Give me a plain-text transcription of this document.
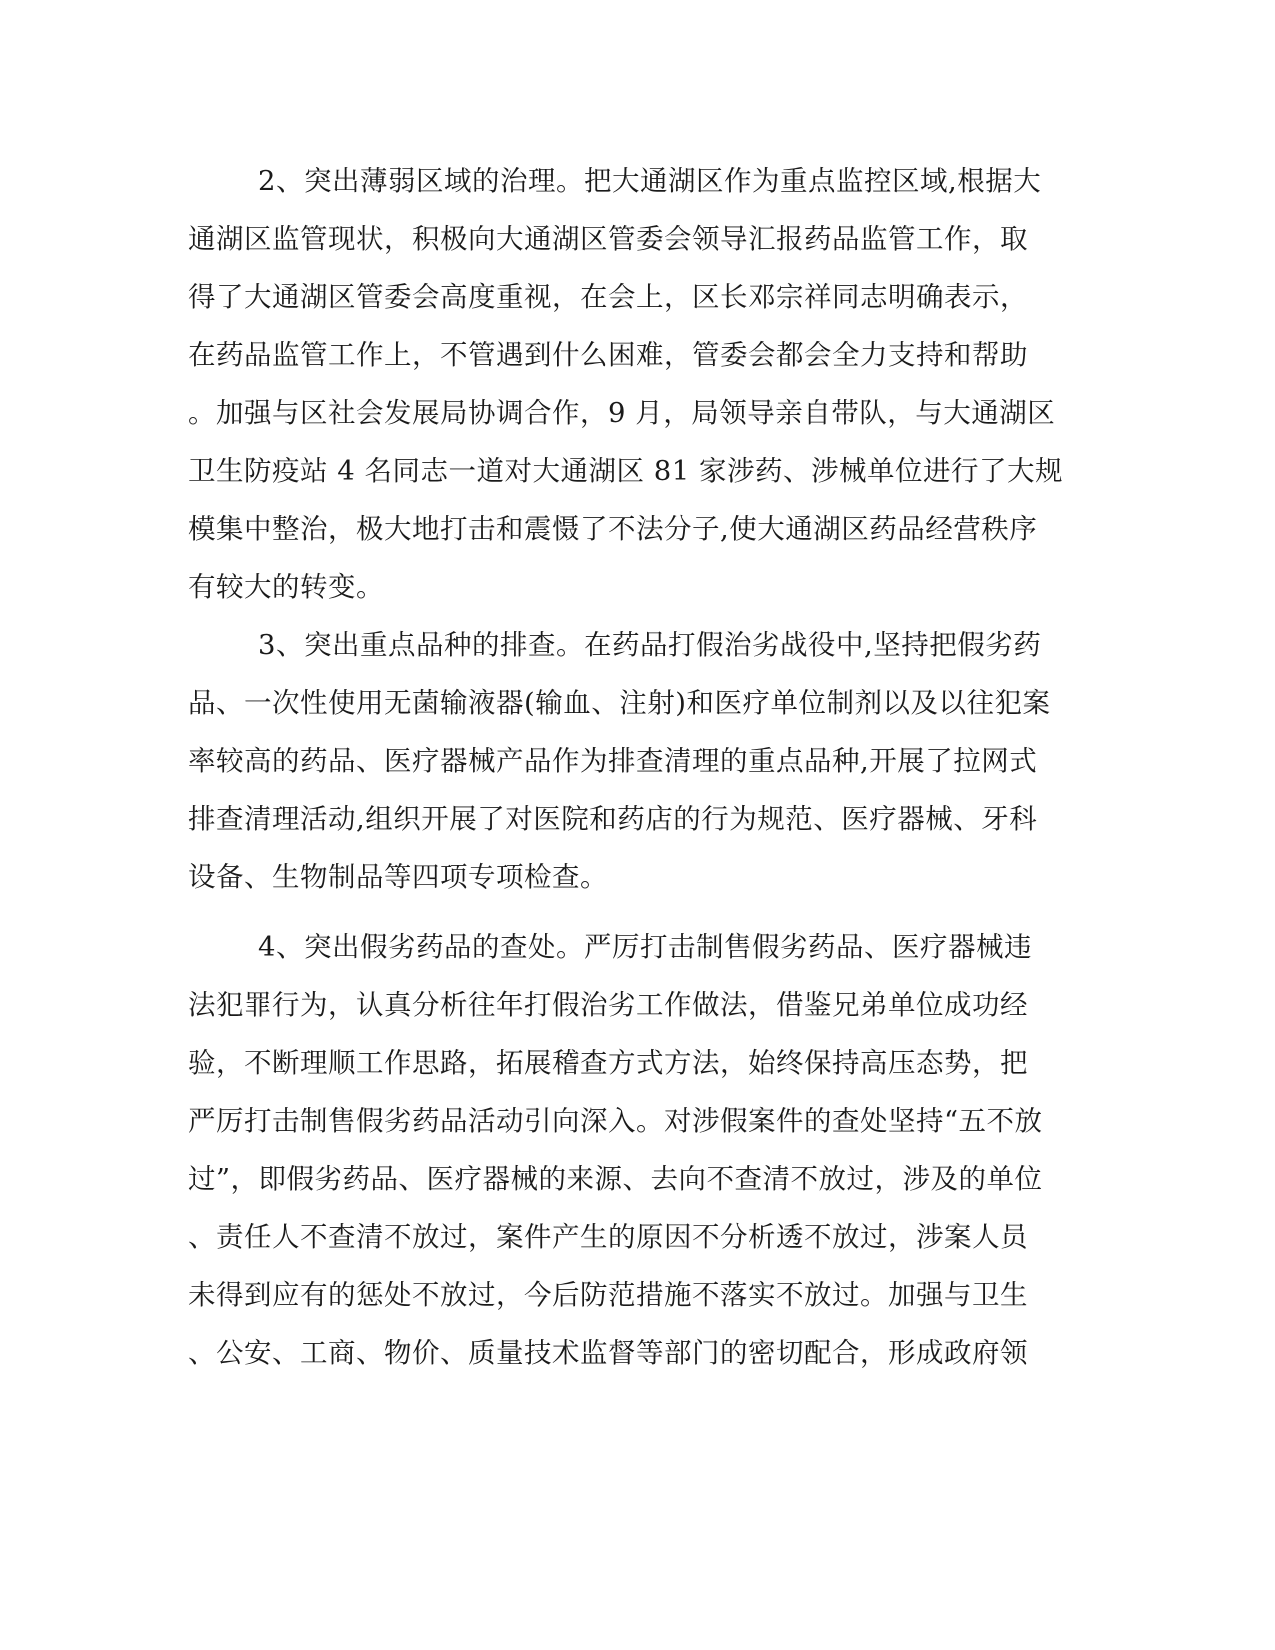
2、突出薄弱区域的治理。把大通湖区作为重点监控区域,根据大
通湖区监管现状，积极向大通湖区管委会领导汇报药品监管工作，取
得了大通湖区管委会高度重视，在会上，区长邓宗祥同志明确表示，
在药品监管工作上，不管遇到什么困难，管委会都会全力支持和帮助
。加强与区社会发展局协调合作，9 月，局领导亲自带队，与大通湖区
卫生防疫站 4 名同志一道对大通湖区 81 家涉药、涉械单位进行了大规
模集中整治，极大地打击和震慑了不法分子,使大通湖区药品经营秩序
有较大的转变。
3、突出重点品种的排查。在药品打假治劣战役中,坚持把假劣药
品、一次性使用无菌输液器(输血、注射)和医疗单位制剂以及以往犯案
率较高的药品、医疗器械产品作为排查清理的重点品种,开展了拉网式
排查清理活动,组织开展了对医院和药店的行为规范、医疗器械、牙科
设备、生物制品等四项专项检查。
4、突出假劣药品的查处。严厉打击制售假劣药品、医疗器械违
法犯罪行为，认真分析往年打假治劣工作做法，借鉴兄弟单位成功经
验，不断理顺工作思路，拓展稽查方式方法，始终保持高压态势，把
严厉打击制售假劣药品活动引向深入。对涉假案件的查处坚持“五不放
过”，即假劣药品、医疗器械的来源、去向不查清不放过，涉及的单位
、责任人不查清不放过，案件产生的原因不分析透不放过，涉案人员
未得到应有的惩处不放过，今后防范措施不落实不放过。加强与卫生
、公安、工商、物价、质量技术监督等部门的密切配合，形成政府领
